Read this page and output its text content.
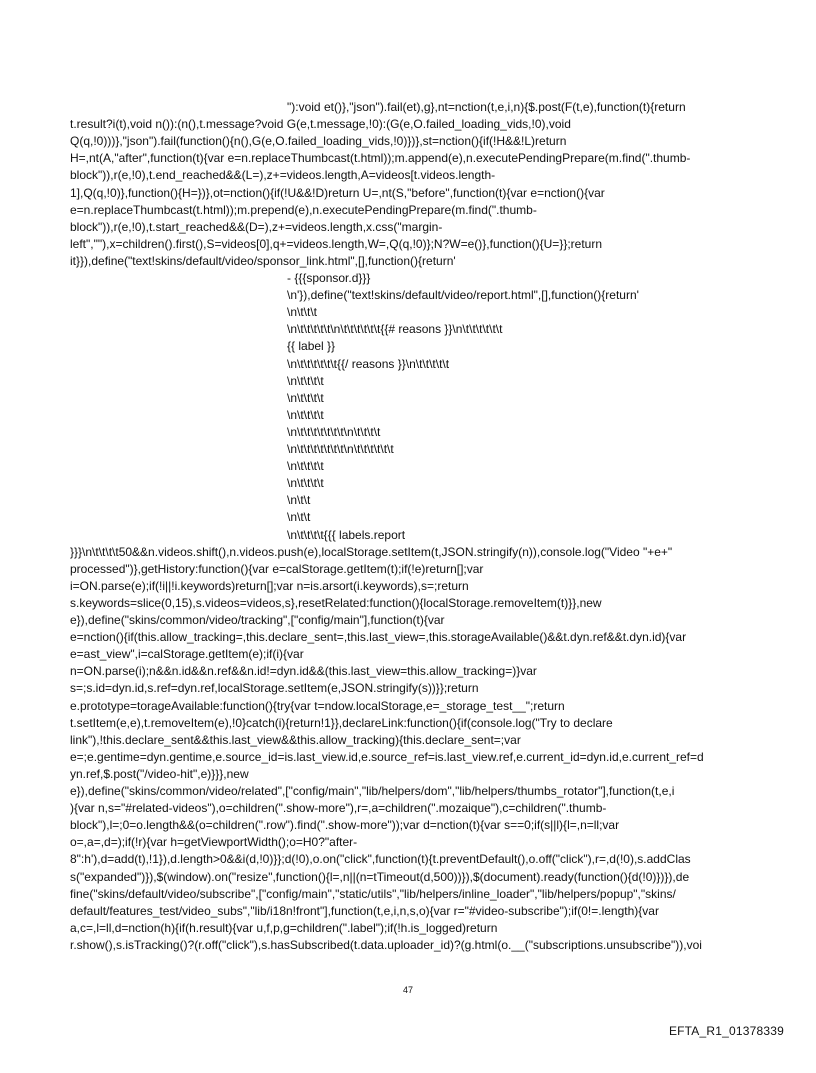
"):void et()},"json").fail(et),g},nt=nction(t,e,i,n){$.post(F(t,e),function(t){return
t.result?i(t),void n()):(n(),t.message?void G(e,t.message,!0):(G(e,O.failed_loading_vids,!0),void
Q(q,!0)))},"json").fail(function(){n(),G(e,O.failed_loading_vids,!0)})},st=nction(){if(!H&&!L)return
H=,nt(A,"after",function(t){var e=n.replaceThumbcast(t.html));m.append(e),n.executePendingPrepare(m.find(".thumb-
block")),r(e,!0),t.end_reached&&(L=),z+=videos.length,A=videos[t.videos.length-
1],Q(q,!0)},function(){H=})},ot=nction(){if(!U&&!D)return U=,nt(S,"before",function(t){var e=nction(){var
e=n.replaceThumbcast(t.html));m.prepend(e),n.executePendingPrepare(m.find(".thumb-
block")),r(e,!0),t.start_reached&&(D=),z+=videos.length,x.css("margin-
left",""),x=children().first(),S=videos[0],q+=videos.length,W=,Q(q,!0)};N?W=e()},function(){U=}};return
it}}),define("text!skins/default/video/sponsor_link.html",[],function(){return'
- {{{sponsor.d}}}
\n'}),define("text!skins/default/video/report.html",[],function(){return'
\n\t\t\t
\n\t\t\t\t\t\n\t\t\t\t\t\t{{# reasons }}\n\t\t\t\t\t\t
{{ label }}
\n\t\t\t\t\t\t{{/ reasons }}\n\t\t\t\t\t
\n\t\t\t\t
\n\t\t\t\t
\n\t\t\t\t
\n\t\t\t\t\t\t\t\n\t\t\t\t
\n\t\t\t\t\t\t\t\n\t\t\t\t\t\t
\n\t\t\t\t
\n\t\t\t\t
\n\t\t
\n\t\t
\n\t\t\t\t{{{ labels.report
}}}\n\t\t\t\t50&&n.videos.shift(),n.videos.push(e),localStorage.setItem(t,JSON.stringify(n)),console.log("Video "+e+"
processed")},getHistory:function(){var e=calStorage.getItem(t);if(!e)return[];var
i=ON.parse(e);if(!i||!i.keywords)return[];var n=is.arsort(i.keywords),s=;return
s.keywords=slice(0,15),s.videos=videos,s},resetRelated:function(){localStorage.removeItem(t)}},new
e}),define("skins/common/video/tracking",["config/main"],function(t){var
e=nction(){if(this.allow_tracking=,this.declare_sent=,this.last_view=,this.storageAvailable()&&t.dyn.ref&&t.dyn.id){var
e=ast_view",i=calStorage.getItem(e);if(i){var
n=ON.parse(i);n&&n.id&&n.ref&&n.id!=dyn.id&&(this.last_view=this.allow_tracking=)}var
s=;s.id=dyn.id,s.ref=dyn.ref,localStorage.setItem(e,JSON.stringify(s))}};return
e.prototype=torageAvailable:function(){try{var t=ndow.localStorage,e=_storage_test__";return
t.setItem(e,e),t.removeItem(e),!0}catch(i){return!1}},declareLink:function(){if(console.log("Try to declare
link"),!this.declare_sent&&this.last_view&&this.allow_tracking){this.declare_sent=;var
e=;e.gentime=dyn.gentime,e.source_id=is.last_view.id,e.source_ref=is.last_view.ref,e.current_id=dyn.id,e.current_ref=d
yn.ref,$.post("/video-hit",e)}}},new
e}),define("skins/common/video/related",["config/main","lib/helpers/dom","lib/helpers/thumbs_rotator"],function(t,e,i
){var n,s="#related-videos"),o=children(".show-more"),r=,a=children(".mozaique"),c=children(".thumb-
block"),l=;0=o.length&&(o=children(".row").find(".show-more"));var d=nction(t){var s==0;if(s||l){l=,n=ll;var
o=,a=,d=);if(!r){var h=getViewportWidth();o=H0?"after-
8":h'),d=add(t),!1}),d.length>0&&i(d,!0)}};d(!0),o.on("click",function(t){t.preventDefault(),o.off("click"),r=,d(!0),s.addClas
s("expanded")}),$(window).on("resize",function(){l=,n||(n=tTimeout(d,500))}),$(document).ready(function(){d(!0)})}),de
fine("skins/default/video/subscribe",["config/main","static/utils","lib/helpers/inline_loader","lib/helpers/popup","skins/
default/features_test/video_subs","lib/i18n!front"],function(t,e,i,n,s,o){var r="#video-subscribe");if(0!=.length){var
a,c=,l=ll,d=nction(h){if(h.result){var u,f,p,g=children(".label");if(!h.is_logged)return
r.show(),s.isTracking()?(r.off("click"),s.hasSubscribed(t.data.uploader_id)?(g.html(o.__("subscriptions.unsubscribe")),voi
EFTA_R1_01378339
47
